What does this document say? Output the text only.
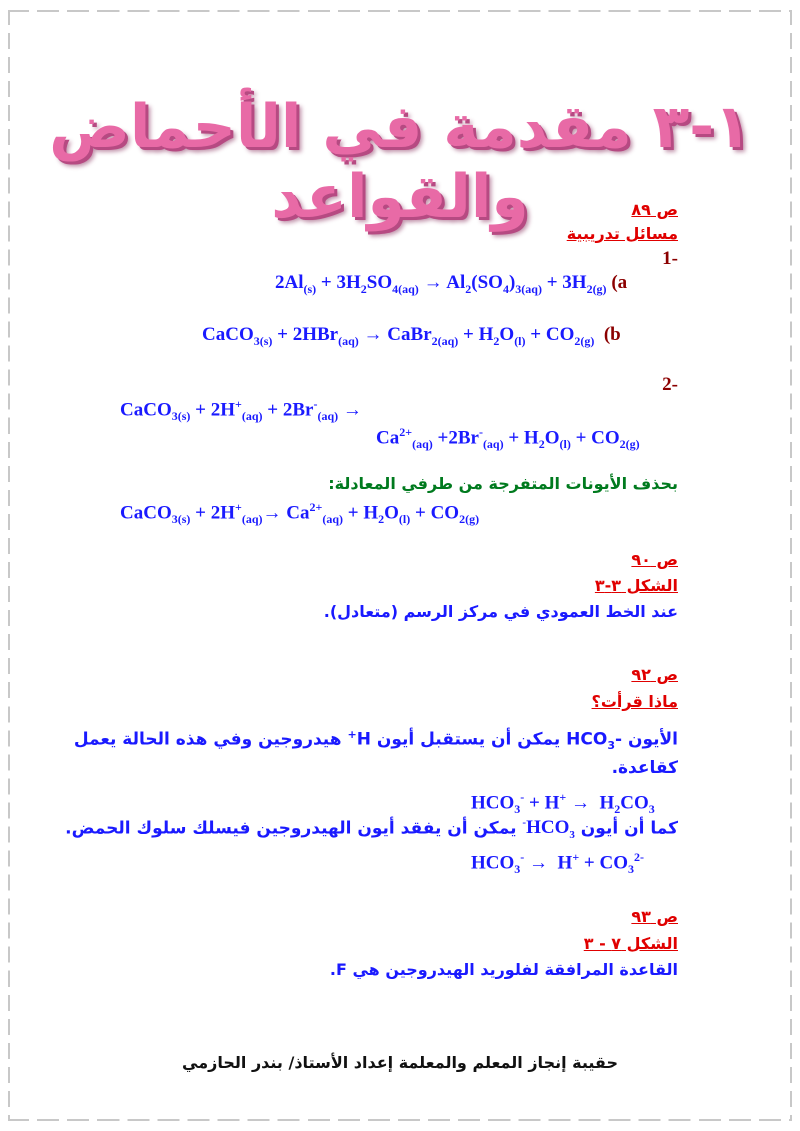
١-٣ مقدمة في الأحماض والقواعد	ص ٨٩
مسائل تدريبية
-1
$2Al_{(s)} + 3H_2SO_{4(aq)} \to Al_2(SO_4)_{3(aq)} + 3H_{2(g)}$ (a
CaCO$_{3(s)}$ + 2HBr$_{(aq)}$ → CaBr$_{2(aq)}$ + $H_2O_{(l)} + CO_{2(g)}$ (b
-2
CaCO$_{3(s)}$ + $2H^+_{(aq)} + 2Br^-_{(aq)}$ →
$Ca^{2+}_{(aq)} +2Br^-_{(aq)} + H_2O_{(l)} + CO_{2(g)}$
بحذف الأيونات المتفرجة من طرفي المعادلة:
CaCO$_{3(s)}$ + $2H^+_{(aq)}\to Ca^{2+}_{(aq)} + H_2O_{(l)} + CO_{2(g)}$
ص ٩٠
الشكل ٣-٣
عند الخط العمودي في مركز الرسم (متعادل).
ص ٩٢
ماذا قرأت؟
الأيون $-HCO_3$ يمكن أن يستقبل أيون H+ هيدروجين وفي هذه الحالة يعمل
كقاعدة.
$HCO_3^- + H^+ \to H_2CO_3$
كما أن أيون $HCO_3^-$ يمكن أن يفقد أيون الهيدروجين فيسلك سلوك الحمض.
$HCO_3^- \to H^+ + CO_3^{2-}$
ص ٩٣
الشكل ٧ - ٣
القاعدة المرافقة لفلوريد الهيدروجين هي F.
حقيبة إنجاز المعلم والمعلمة إعداد الأستاذ/ بندر الحازمي
